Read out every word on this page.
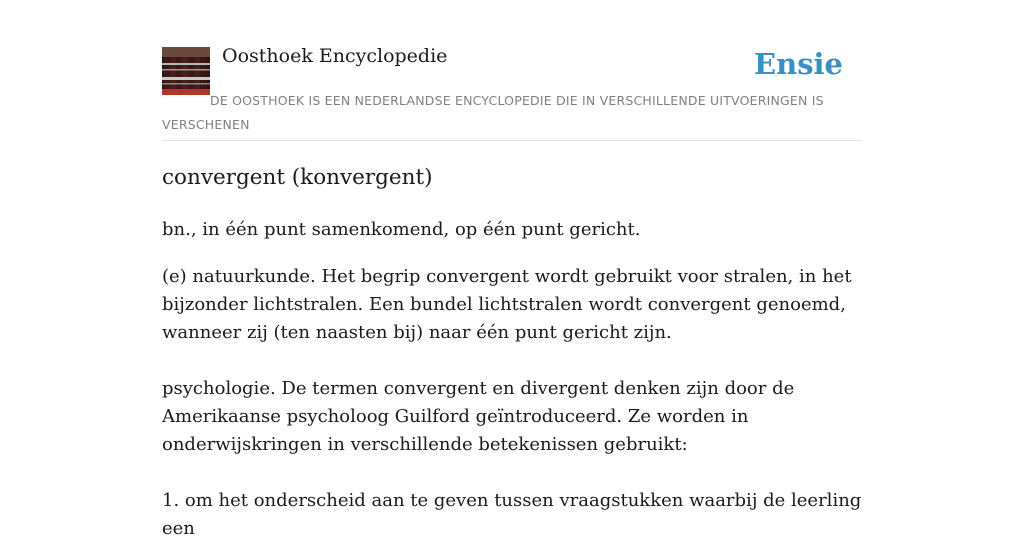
Oosthoek Encyclopedie	Ensie

DE OOSTHOEK IS EEN NEDERLANDSE ENCYCLOPEDIE DIE IN VERSCHILLENDE UITVOERINGEN IS VERSCHENEN

convergent (konvergent)

bn., in één punt samenkomend, op één punt gericht.

(e) natuurkunde. Het begrip convergent wordt gebruikt voor stralen, in het bijzonder lichtstralen. Een bundel lichtstralen wordt convergent genoemd, wanneer zij (ten naasten bij) naar één punt gericht zijn.

psychologie. De termen convergent en divergent denken zijn door de Amerikaanse psycholoog Guilford geïntroduceerd. Ze worden in onderwijskringen in verschillende betekenissen gebruikt:

1. om het onderscheid aan te geven tussen vraagstukken waarbij de leerling een
